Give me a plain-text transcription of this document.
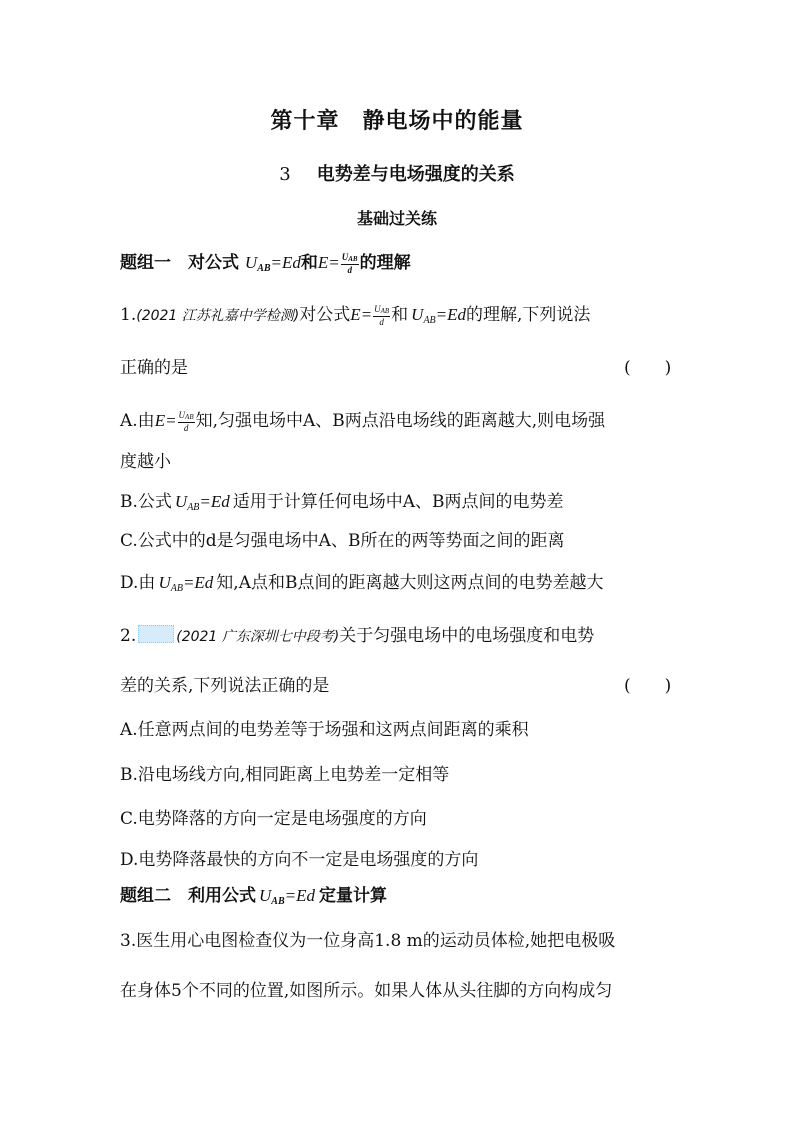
第十章　静电场中的能量
3 电势差与电场强度的关系
基础过关练
题组一　对公式 $U_{AB}=Ed$和$E= \frac{\text{UAB}}{d}$ 的理解
1.(2021 江苏礼嘉中学检测)对公式$E= \frac{\text{UAB}}{d}$ 和 $U_{AB}=Ed$的理解,下列说法
正确的是	(　　)
A.由$E= \frac{\text{UAB}}{d}$ 知,匀强电场中A、B两点沿电场线的距离越大,则电场强
度越小
B.公式 $U_{AB}=Ed$ 适用于计算任何电场中A、B两点间的电势差
C.公式中的d是匀强电场中A、B所在的两等势面之间的距离
D.由 $U_{AB}=Ed$ 知,A点和B点间的距离越大则这两点间的电势差越大
2.	(2021 广东深圳七中段考)关于匀强电场中的电场强度和电势
差的关系,下列说法正确的是	(　　)
A.任意两点间的电势差等于场强和这两点间距离的乘积
B.沿电场线方向,相同距离上电势差一定相等
C.电势降落的方向一定是电场强度的方向
D.电势降落最快的方向不一定是电场强度的方向
题组二　利用公式 $U_{AB}=Ed$ 定量计算
3.医生用心电图检查仪为一位身高1.8 m的运动员体检,她把电极吸
在身体5个不同的位置,如图所示。如果人体从头往脚的方向构成匀
